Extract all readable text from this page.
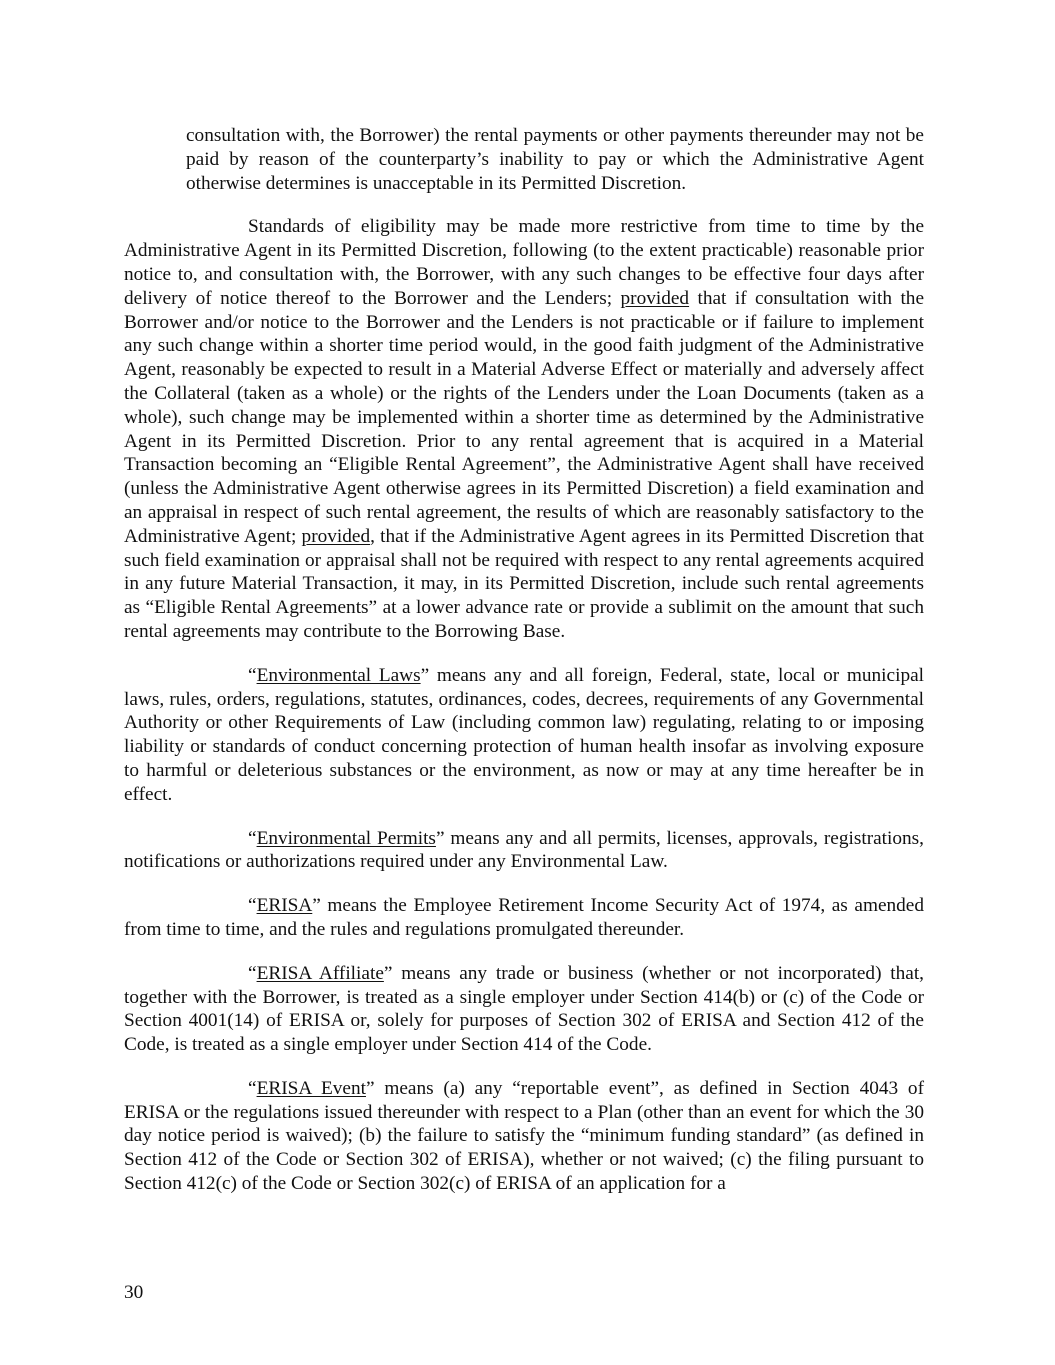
consultation with, the Borrower) the rental payments or other payments thereunder may not be paid by reason of the counterparty’s inability to pay or which the Administrative Agent otherwise determines is unacceptable in its Permitted Discretion.

Standards of eligibility may be made more restrictive from time to time by the Administrative Agent in its Permitted Discretion, following (to the extent practicable) reasonable prior notice to, and consultation with, the Borrower, with any such changes to be effective four days after delivery of notice thereof to the Borrower and the Lenders; provided that if consultation with the Borrower and/or notice to the Borrower and the Lenders is not practicable or if failure to implement any such change within a shorter time period would, in the good faith judgment of the Administrative Agent, reasonably be expected to result in a Material Adverse Effect or materially and adversely affect the Collateral (taken as a whole) or the rights of the Lenders under the Loan Documents (taken as a whole), such change may be implemented within a shorter time as determined by the Administrative Agent in its Permitted Discretion. Prior to any rental agreement that is acquired in a Material Transaction becoming an “Eligible Rental Agreement”, the Administrative Agent shall have received (unless the Administrative Agent otherwise agrees in its Permitted Discretion) a field examination and an appraisal in respect of such rental agreement, the results of which are reasonably satisfactory to the Administrative Agent; provided, that if the Administrative Agent agrees in its Permitted Discretion that such field examination or appraisal shall not be required with respect to any rental agreements acquired in any future Material Transaction, it may, in its Permitted Discretion, include such rental agreements as “Eligible Rental Agreements” at a lower advance rate or provide a sublimit on the amount that such rental agreements may contribute to the Borrowing Base.

“Environmental Laws” means any and all foreign, Federal, state, local or municipal laws, rules, orders, regulations, statutes, ordinances, codes, decrees, requirements of any Governmental Authority or other Requirements of Law (including common law) regulating, relating to or imposing liability or standards of conduct concerning protection of human health insofar as involving exposure to harmful or deleterious substances or the environment, as now or may at any time hereafter be in effect.

“Environmental Permits” means any and all permits, licenses, approvals, registrations, notifications or authorizations required under any Environmental Law.

“ERISA” means the Employee Retirement Income Security Act of 1974, as amended from time to time, and the rules and regulations promulgated thereunder.

“ERISA Affiliate” means any trade or business (whether or not incorporated) that, together with the Borrower, is treated as a single employer under Section 414(b) or (c) of the Code or Section 4001(14) of ERISA or, solely for purposes of Section 302 of ERISA and Section 412 of the Code, is treated as a single employer under Section 414 of the Code.

“ERISA Event” means (a) any “reportable event”, as defined in Section 4043 of ERISA or the regulations issued thereunder with respect to a Plan (other than an event for which the 30 day notice period is waived); (b) the failure to satisfy the “minimum funding standard” (as defined in Section 412 of the Code or Section 302 of ERISA), whether or not waived; (c) the filing pursuant to Section 412(c) of the Code or Section 302(c) of ERISA of an application for a

30
